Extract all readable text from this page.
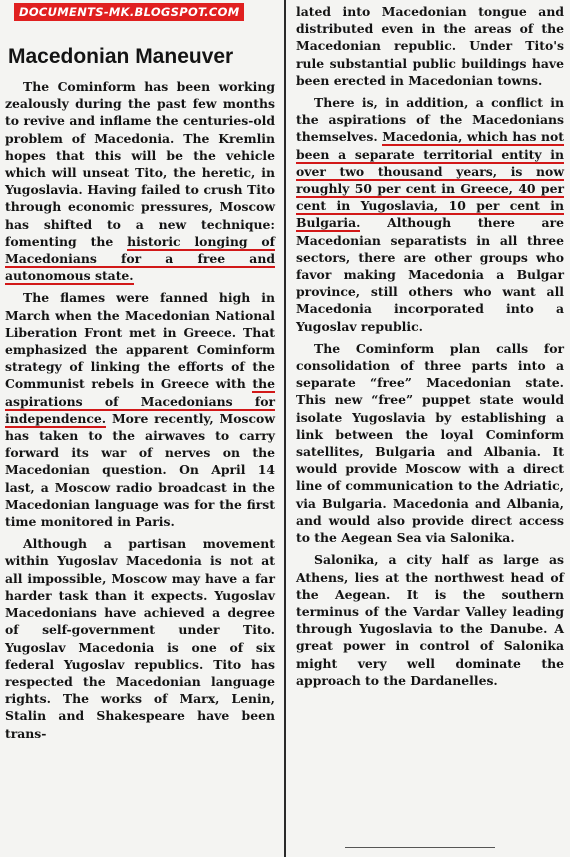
DOCUMENTS-MK.BLOGSPOT.COM
Macedonian Maneuver

The Cominform has been working zealously during the past few months to revive and inflame the centuries-old problem of Macedonia. The Kremlin hopes that this will be the vehicle which will unseat Tito, the heretic, in Yugoslavia. Having failed to crush Tito through economic pressures, Moscow has shifted to a new technique: fomenting the historic longing of Macedonians for a free and autonomous state.

The flames were fanned high in March when the Macedonian National Liberation Front met in Greece. That emphasized the apparent Cominform strategy of linking the efforts of the Communist rebels in Greece with the aspirations of Macedonians for independence. More recently, Moscow has taken to the airwaves to carry forward its war of nerves on the Macedonian question. On April 14 last, a Moscow radio broadcast in the Macedonian language was for the first time monitored in Paris.

Although a partisan movement within Yugoslav Macedonia is not at all impossible, Moscow may have a far harder task than it expects. Yugoslav Macedonians have achieved a degree of self-government under Tito. Yugoslav Macedonia is one of six federal Yugoslav republics. Tito has respected the Macedonian language rights. The works of Marx, Lenin, Stalin and Shakespeare have been trans-

lated into Macedonian tongue and distributed even in the areas of the Macedonian republic. Under Tito's rule substantial public buildings have been erected in Macedonian towns.

There is, in addition, a conflict in the aspirations of the Macedonians themselves. Macedonia, which has not been a separate territorial entity in over two thousand years, is now roughly 50 per cent in Greece, 40 per cent in Yugoslavia, 10 per cent in Bulgaria. Although there are Macedonian separatists in all three sectors, there are other groups who favor making Macedonia a Bulgar province, still others who want all Macedonia incorporated into a Yugoslav republic.

The Cominform plan calls for consolidation of three parts into a separate “free” Macedonian state. This new “free” puppet state would isolate Yugoslavia by establishing a link between the loyal Cominform satellites, Bulgaria and Albania. It would provide Moscow with a direct line of communication to the Adriatic, via Bulgaria. Macedonia and Albania, and would also provide direct access to the Aegean Sea via Salonika.

Salonika, a city half as large as Athens, lies at the northwest head of the Aegean. It is the southern terminus of the Vardar Valley leading through Yugoslavia to the Danube. A great power in control of Salonika might very well dominate the approach to the Dardanelles.
